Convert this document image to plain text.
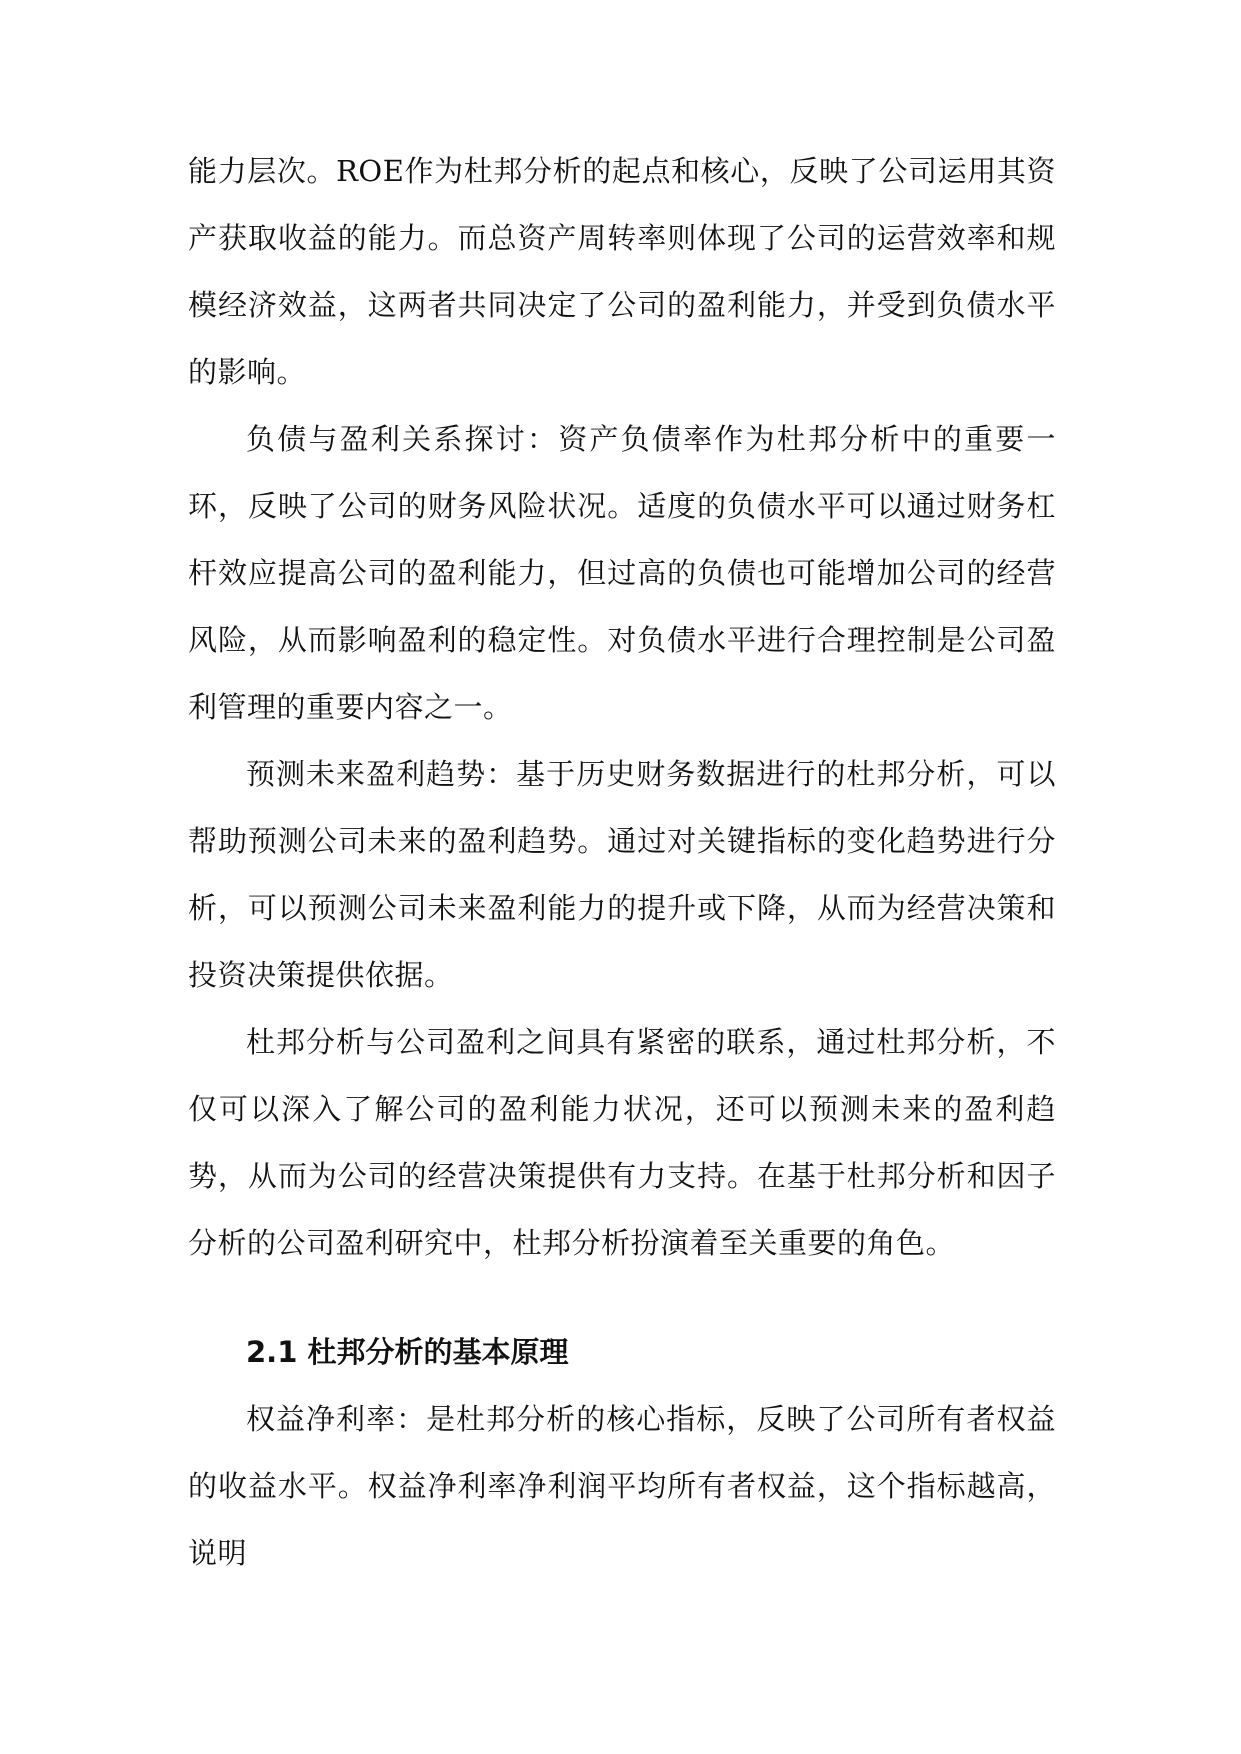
能力层次。ROE作为杜邦分析的起点和核心，反映了公司运用其资产获取收益的能力。而总资产周转率则体现了公司的运营效率和规模经济效益，这两者共同决定了公司的盈利能力，并受到负债水平的影响。

负债与盈利关系探讨：资产负债率作为杜邦分析中的重要一环，反映了公司的财务风险状况。适度的负债水平可以通过财务杠杆效应提高公司的盈利能力，但过高的负债也可能增加公司的经营风险，从而影响盈利的稳定性。对负债水平进行合理控制是公司盈利管理的重要内容之一。

预测未来盈利趋势：基于历史财务数据进行的杜邦分析，可以帮助预测公司未来的盈利趋势。通过对关键指标的变化趋势进行分析，可以预测公司未来盈利能力的提升或下降，从而为经营决策和投资决策提供依据。

杜邦分析与公司盈利之间具有紧密的联系，通过杜邦分析，不仅可以深入了解公司的盈利能力状况，还可以预测未来的盈利趋势，从而为公司的经营决策提供有力支持。在基于杜邦分析和因子分析的公司盈利研究中，杜邦分析扮演着至关重要的角色。

2.1 杜邦分析的基本原理

权益净利率：是杜邦分析的核心指标，反映了公司所有者权益的收益水平。权益净利率净利润平均所有者权益，这个指标越高，说明
